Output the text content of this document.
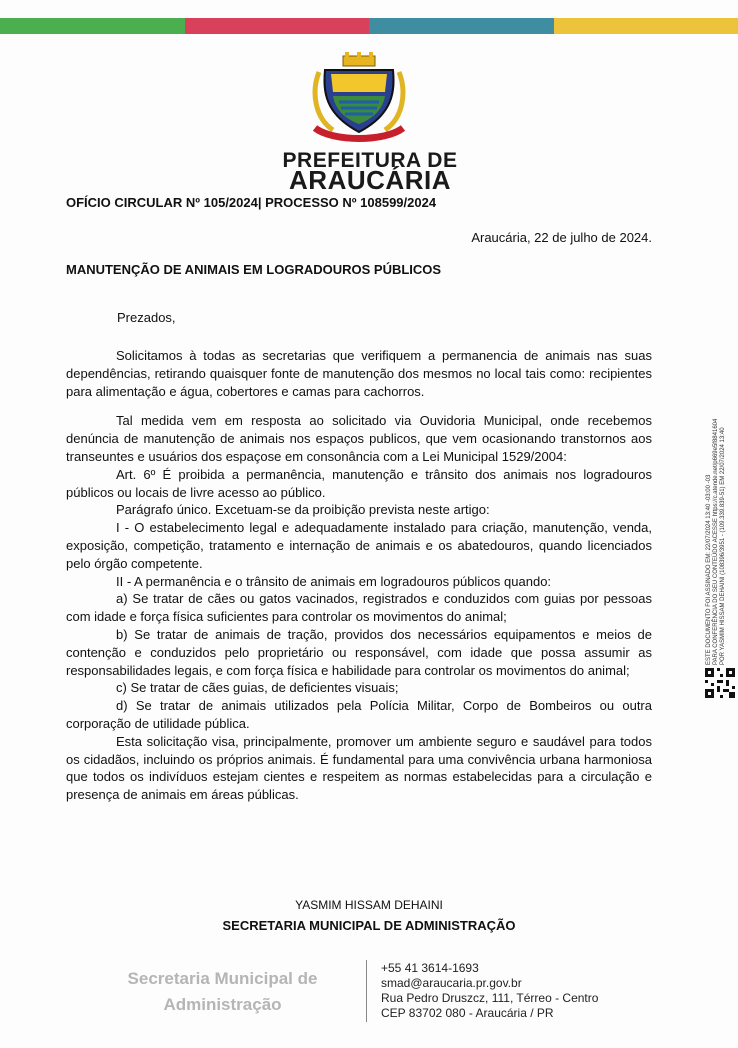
PREFEITURA DE
ARAUCÁRIA
OFÍCIO CIRCULAR Nº 105/2024| PROCESSO Nº 108599/2024
Araucária, 22 de julho de 2024.
MANUTENÇÃO DE ANIMAIS EM LOGRADOUROS PÚBLICOS
Prezados,

Solicitamos à todas as secretarias que verifiquem a permanencia de animais nas suas dependências, retirando quaisquer fonte de manutenção dos mesmos no local tais como: recipientes para alimentação e água, cobertores e camas para cachorros.

Tal medida vem em resposta ao solicitado via Ouvidoria Municipal, onde recebemos denúncia de manutenção de animais nos espaços publicos, que vem ocasionando transtornos aos transeuntes e usuários dos espaçose em consonância com a Lei Municipal 1529/2004:

Art. 6º É proibida a permanência, manutenção e trânsito dos animais nos logradouros públicos ou locais de livre acesso ao público.

Parágrafo único. Excetuam-se da proibição prevista neste artigo:

I - O estabelecimento legal e adequadamente instalado para criação, manutenção, venda, exposição, competição, tratamento e internação de animais e os abatedouros, quando licenciados pelo órgão competente.

II - A permanência e o trânsito de animais em logradouros públicos quando:

a) Se tratar de cães ou gatos vacinados, registrados e conduzidos com guias por pessoas com idade e força física suficientes para controlar os movimentos do animal;

b) Se tratar de animais de tração, providos dos necessários equipamentos e meios de contenção e conduzidos pelo proprietário ou responsável, com idade que possa assumir as responsabilidades legais, e com força física e habilidade para controlar os movimentos do animal;

c) Se tratar de cães guias, de deficientes visuais;

d) Se tratar de animais utilizados pela Polícia Militar, Corpo de Bombeiros ou outra corporação de utilidade pública.

Esta solicitação visa, principalmente, promover um ambiente seguro e saudável para todos os cidadãos, incluindo os próprios animais. É fundamental para uma convivência urbana harmoniosa que todos os indivíduos estejam cientes e respeitem as normas estabelecidas para a circulação e presença de animais em áreas públicas.

YASMIM HISSAM DEHAINI
SECRETARIA MUNICIPAL DE ADMINISTRAÇÃO
Secretaria Municipal de
Administração
+55 41 3614-1693
smad@araucaria.pr.gov.br
Rua Pedro Druszcz, 111, Térreo - Centro
CEP 83702 080 - Araucária / PR
ESTE DOCUMENTO FOI ASSINADO EM: 22/07/2024 13:40 -03:00 -03 PARA CONFERÊNCIA DO SEU CONTEÚDO ACESSE https://c.atende.net/p669e5f8841604 POR YASMIM HISSAM DEHAINI (108396/3951 - (109.339.839-51) EM 22/07/2024 13:40
